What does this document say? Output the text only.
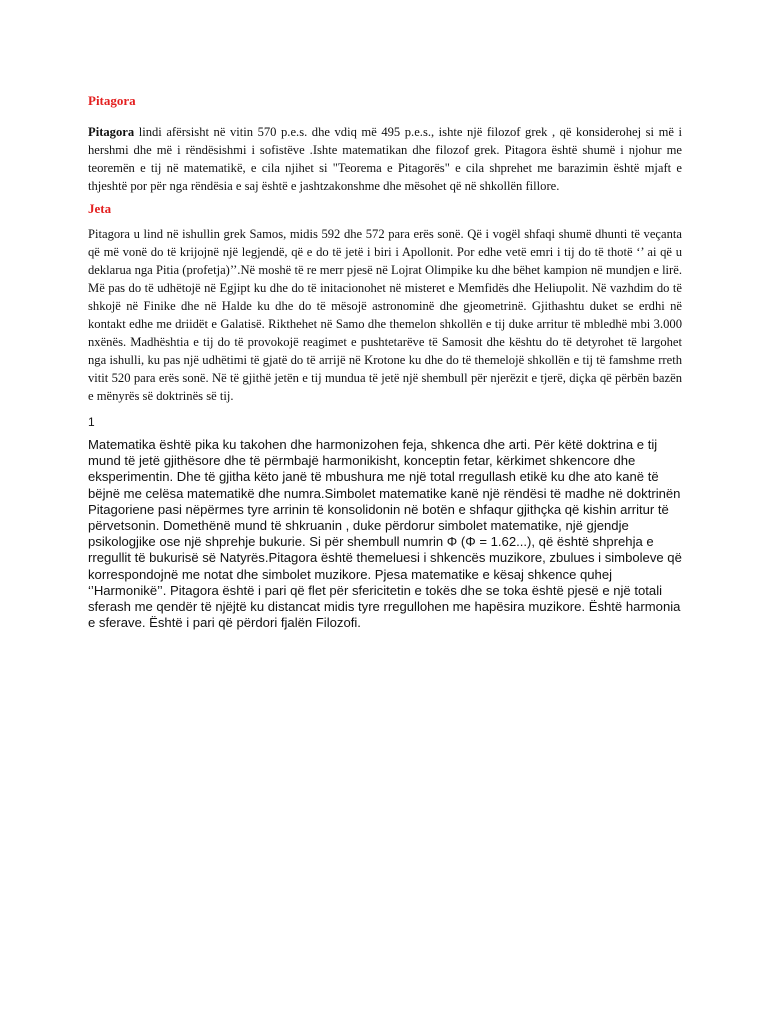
Pitagora

Pitagora lindi afërsisht në vitin 570 p.e.s. dhe vdiq më 495 p.e.s., ishte një filozof grek , që konsiderohej si më i hershmi dhe më i rëndësishmi i sofistëve .Ishte matematikan dhe filozof grek. Pitagora është shumë i njohur me teoremën e tij në matematikë, e cila njihet si "Teorema e Pitagorës" e cila shprehet me barazimin është mjaft e thjeshtë por për nga rëndësia e saj është e jashtzakonshme dhe mësohet që në shkollën fillore.

Jeta

Pitagora u lind në ishullin grek Samos, midis 592 dhe 572 para erës sonë. Që i vogël shfaqi shumë dhunti të veçanta që më vonë do të krijojnë një legjendë, që e do të jetë i biri i Apollonit. Por edhe vetë emri i tij do të thotë ‘’ ai që u deklarua nga Pitia (profetja)’’.Në moshë të re merr pjesë në Lojrat Olimpike ku dhe bëhet kampion në mundjen e lirë. Më pas do të udhëtojë në Egjipt ku dhe do të initacionohet në misteret e Memfidës dhe Heliupolit. Në vazhdim do të shkojë në Finike dhe në Halde ku dhe do të mësojë astronominë dhe gjeometrinë. Gjithashtu duket se erdhi në kontakt edhe me driidët e Galatisë. Rikthehet në Samo dhe themelon shkollën e tij duke arritur të mbledhë mbi 3.000 nxënës. Madhështia e tij do të provokojë reagimet e pushtetarëve të Samosit dhe kështu do të detyrohet të largohet nga ishulli, ku pas një udhëtimi të gjatë do të arrijë në Krotone ku dhe do të themelojë shkollën e tij të famshme rreth vitit 520 para erës sonë. Në të gjithë jetën e tij mundua të jetë një shembull për njerëzit e tjerë, diçka që përbën bazën e mënyrës së doktrinës së tij.

1

Matematika është pika ku takohen dhe harmonizohen feja, shkenca dhe arti. Për këtë doktrina e tij mund të jetë gjithësore dhe të përmbajë harmonikisht, konceptin fetar, kërkimet shkencore dhe eksperimentin. Dhe të gjitha këto janë të mbushura me një total rregullash etikë ku dhe ato kanë të bëjnë me celësa matematikë dhe numra.Simbolet matematike kanë një rëndësi të madhe në doktrinën Pitagoriene pasi nëpërmes tyre arrinin të konsolidonin në botën e shfaqur gjithçka që kishin arritur të përvetsonin. Domethënë mund të shkruanin , duke përdorur simbolet matematike, një gjendje psikologjike ose një shprehje bukurie. Si për shembull numrin Φ (Φ = 1.62...), që është shprehja e rregullit të bukurisë së Natyrës.Pitagora është themeluesi i shkencës muzikore, zbulues i simboleve që korrespondojnë me notat dhe simbolet muzikore. Pjesa matematike e kësaj shkence quhej ‘’Harmonikë’’. Pitagora është i pari që flet për sfericitetin e tokës dhe se toka është pjesë e një totali sferash me qendër të njëjtë ku distancat midis tyre rregullohen me hapësira muzikore. Është harmonia e sferave. Është i pari që përdori fjalën Filozofi.
